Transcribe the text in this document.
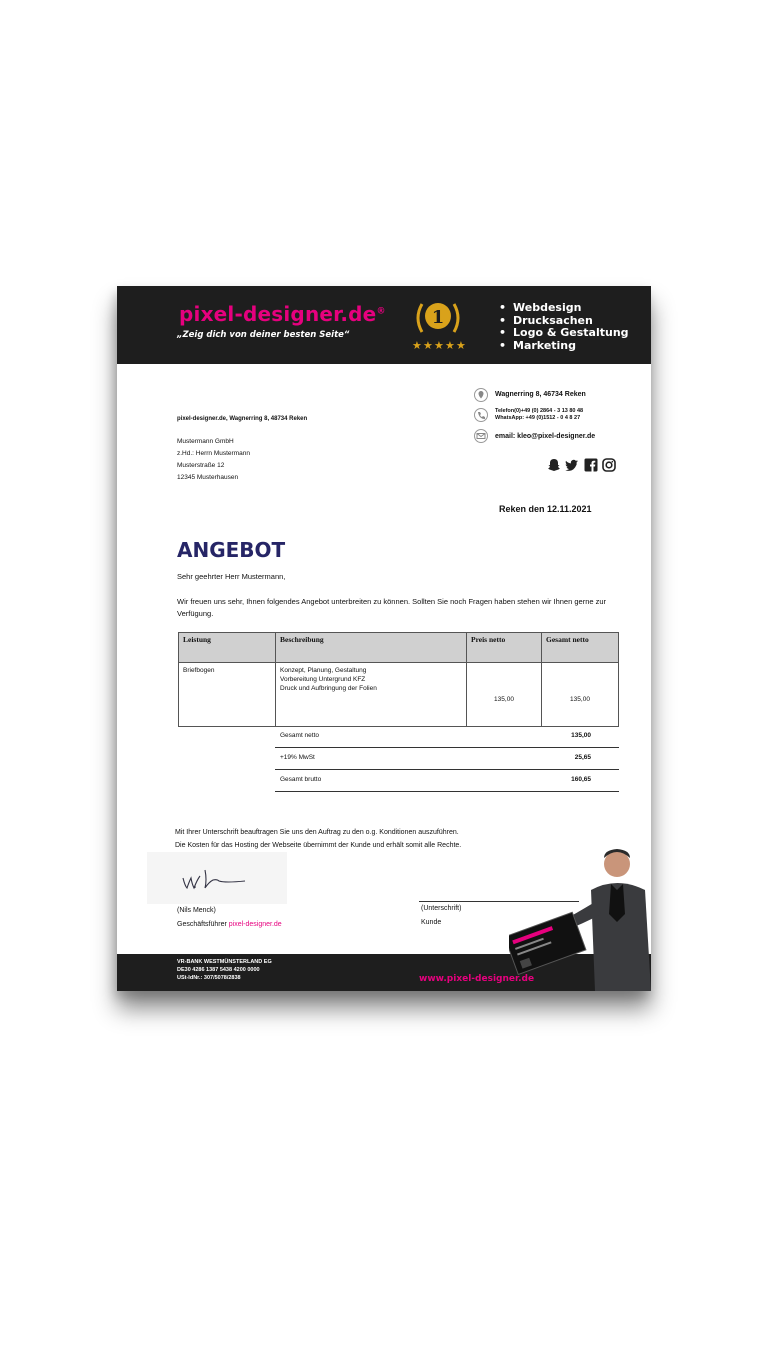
pixel-designer.de®
„Zeig dich von deiner besten Seite“
1
★ ★ ★ ★ ★
• Webdesign
• Drucksachen
• Logo & Gestaltung
• Marketing
Wagnerring 8, 46734 Reken
Telefon(0)+49 (0) 2864 - 3 13 80 48
WhatsApp: +49 (0)1512 - 0 4 8 27
email: kleo@pixel-designer.de

pixel-designer.de, Wagnerring 8, 48734 Reken
Mustermann GmbH
z.Hd.: Herrn Mustermann
Musterstraße 12
12345 Musterhausen
Reken den 12.11.2021
ANGEBOT
Sehr geehrter Herr Mustermann,
Wir freuen uns sehr, Ihnen folgendes Angebot unterbreiten zu können. Sollten Sie noch Fragen haben stehen wir Ihnen gerne zur Verfügung.
Leistung	Beschreibung	Preis netto	Gesamt netto
Briefbogen	Konzept, Planung, Gestaltung
Vorbereitung Untergrund KFZ
Druck und Aufbringung der Folien	135,00	135,00
Gesamt netto	135,00
+19% MwSt	25,65
Gesamt brutto	160,65
Mit Ihrer Unterschrift beauftragen Sie uns den Auftrag zu den o.g. Konditionen auszuführen.
Die Kosten für das Hosting der Webseite übernimmt der Kunde und erhält somit alle Rechte.
(Nils Menck)
Geschäftsführer pixel-designer.de
(Unterschrift)
Kunde
VR-BANK WESTMÜNSTERLAND EG
DE30 4286 1387 5438 4200 0000
USt-IdNr.: 307/5078/2838	www.pixel-designer.de
